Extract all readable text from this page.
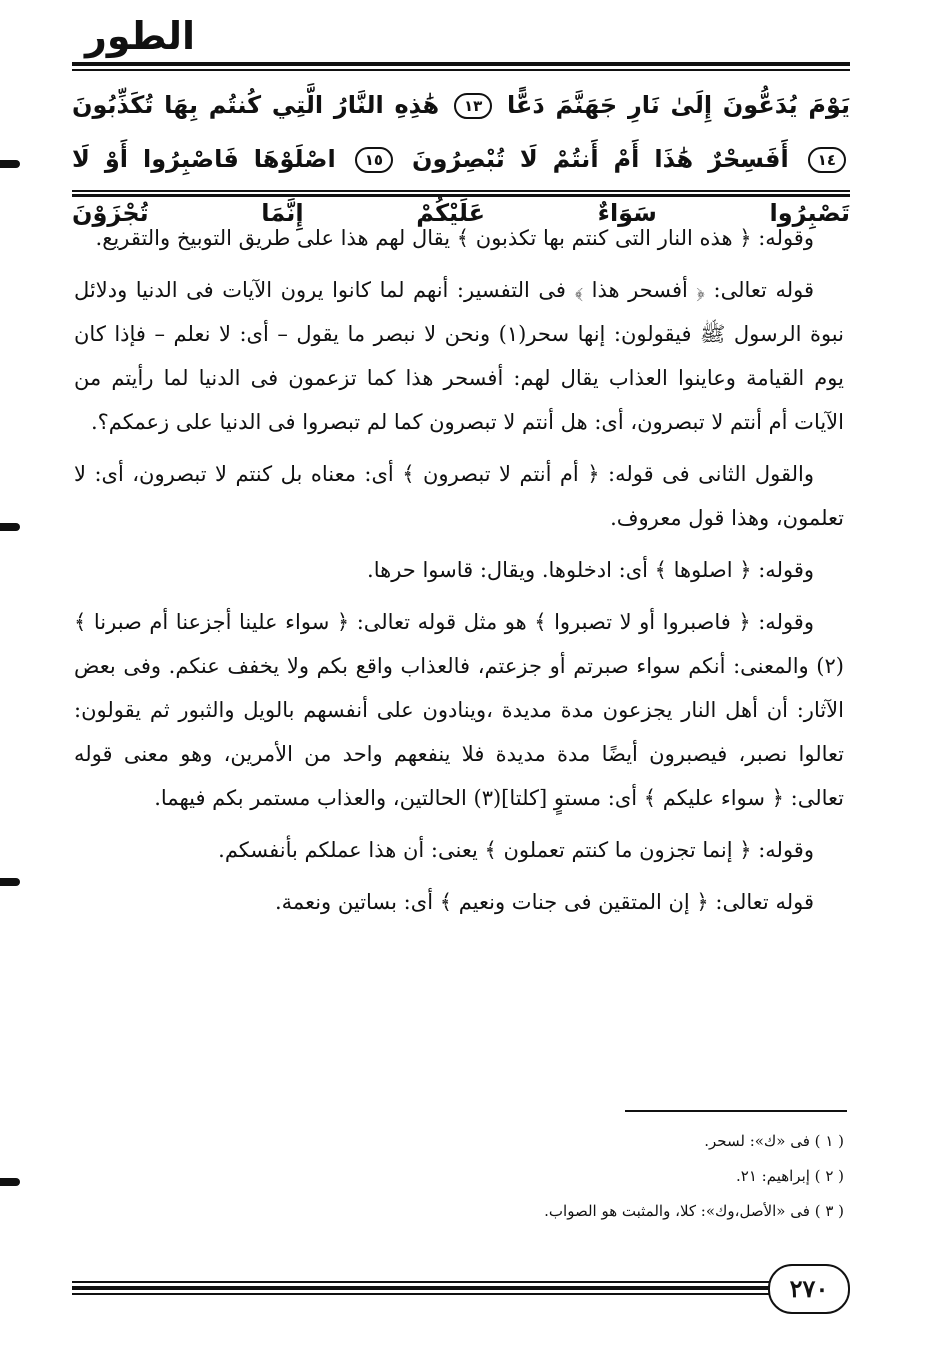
الطور
يَوْمَ يُدَعُّونَ إِلَىٰ نَارِ جَهَنَّمَ دَعًّا ١٣ هَٰذِهِ النَّارُ الَّتِي كُنتُم بِهَا تُكَذِّبُونَ ١٤ أَفَسِحْرٌ هَٰذَا أَمْ أَنتُمْ لَا تُبْصِرُونَ ١٥ اصْلَوْهَا فَاصْبِرُوا أَوْ لَا تَصْبِرُوا سَوَاءٌ عَلَيْكُمْ إِنَّمَا تُجْزَوْنَ

وقوله: ﴿ هذه النار التى كنتم بها تكذبون ﴾ يقال لهم هذا على طريق التوبيخ والتقريع.

قوله تعالى: ﴿ أفسحر هذا ﴾ فى التفسير: أنهم لما كانوا يرون الآيات فى الدنيا ودلائل نبوة الرسول ﷺ فيقولون: إنها سحر(١) ونحن لا نبصر ما يقول – أى: لا نعلم – فإذا كان يوم القيامة وعاينوا العذاب يقال لهم: أفسحر هذا كما تزعمون فى الدنيا لما رأيتم من الآيات أم أنتم لا تبصرون، أى: هل أنتم لا تبصرون كما لم تبصروا فى الدنيا على زعمكم؟.

والقول الثانى فى قوله: ﴿ أم أنتم لا تبصرون ﴾ أى: معناه بل كنتم لا تبصرون، أى: لا تعلمون، وهذا قول معروف.

وقوله: ﴿ اصلوها ﴾ أى: ادخلوها. ويقال: قاسوا حرها.

وقوله: ﴿ فاصبروا أو لا تصبروا ﴾ هو مثل قوله تعالى: ﴿ سواء علينا أجزعنا أم صبرنا ﴾(٢) والمعنى: أنكم سواء صبرتم أو جزعتم، فالعذاب واقع بكم ولا يخفف عنكم. وفى بعض الآثار: أن أهل النار يجزعون مدة مديدة ،وينادون على أنفسهم بالويل والثبور ثم يقولون: تعالوا نصبر، فيصبرون أيضًا مدة مديدة فلا ينفعهم واحد من الأمرين، وهو معنى قوله تعالى: ﴿ سواء عليكم ﴾ أى: مستوٍ [كلتا](٣) الحالتين، والعذاب مستمر بكم فيهما.

وقوله: ﴿ إنما تجزون ما كنتم تعملون ﴾ يعنى: أن هذا عملكم بأنفسكم.

قوله تعالى: ﴿ إن المتقين فى جنات ونعيم ﴾ أى: بساتين ونعمة.

( ١ ) فى «ك»: لسحر.
( ٢ ) إبراهيم: ٢١.
( ٣ ) فى «الأصل،وك»: كلا، والمثبت هو الصواب.
٢٧٠
